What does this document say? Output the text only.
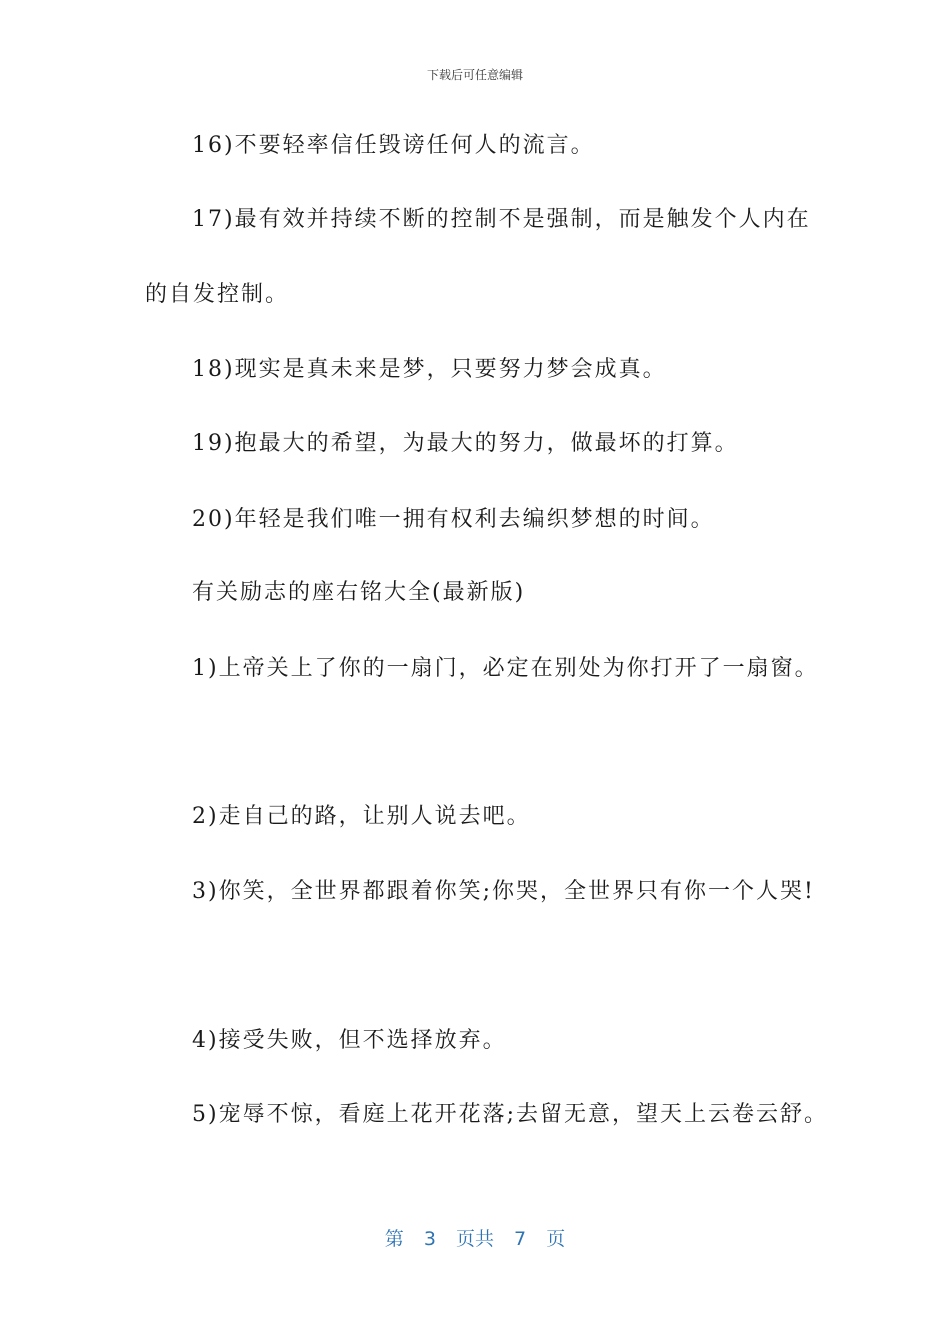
下载后可任意编辑
16)不要轻率信任毁谤任何人的流言。
17)最有效并持续不断的控制不是强制，而是触发个人内在
的自发控制。
18)现实是真未来是梦，只要努力梦会成真。
19)抱最大的希望，为最大的努力，做最坏的打算。
20)年轻是我们唯一拥有权利去编织梦想的时间。
有关励志的座右铭大全(最新版)
1)上帝关上了你的一扇门，必定在别处为你打开了一扇窗。
2)走自己的路，让别人说去吧。
3)你笑，全世界都跟着你笑;你哭，全世界只有你一个人哭!
4)接受失败，但不选择放弃。
5)宠辱不惊，看庭上花开花落;去留无意，望天上云卷云舒。
第 3 页共 7 页
